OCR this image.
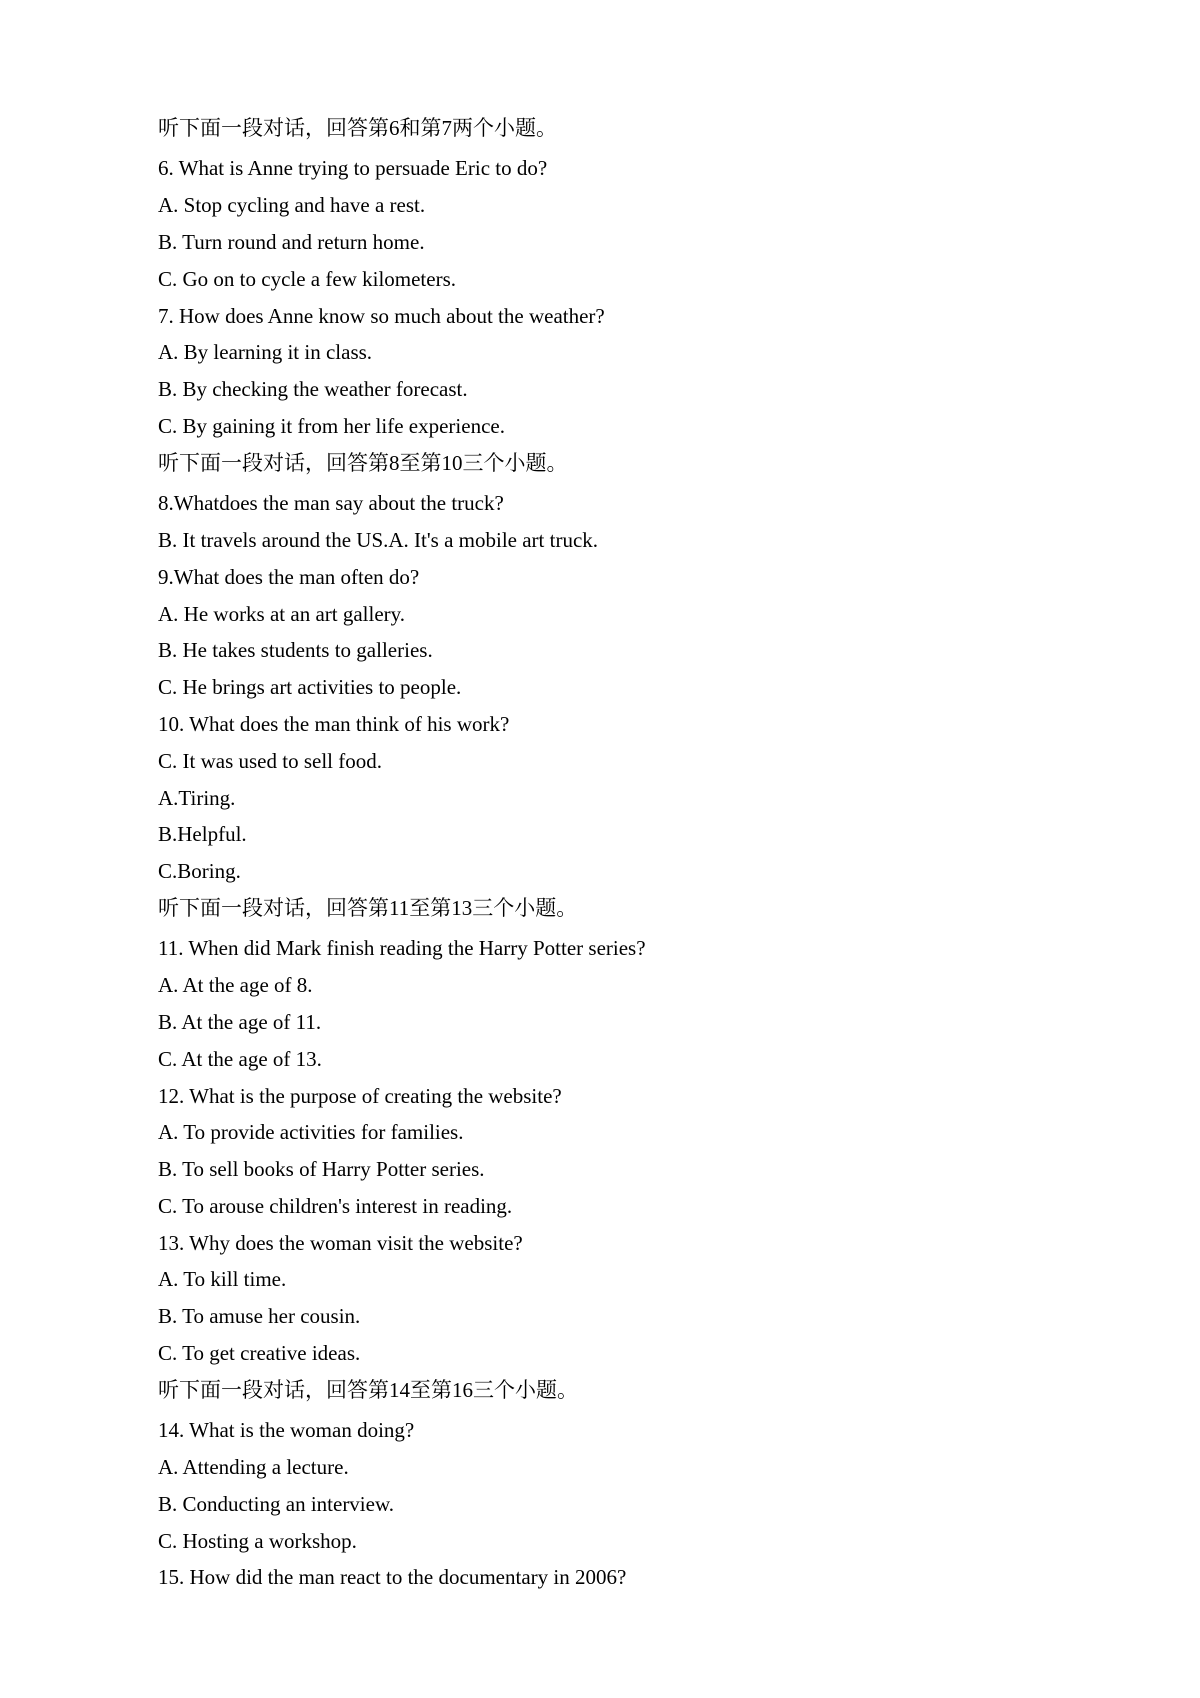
听下面一段对话，回答第6和第7两个小题。

6. What is Anne trying to persuade Eric to do?

A. Stop cycling and have a rest.

B. Turn round and return home.

C. Go on to cycle a few kilometers.

7. How does Anne know so much about the weather?

A. By learning it in class.

B. By checking the weather forecast.

C. By gaining it from her life experience.

听下面一段对话，回答第8至第10三个小题。

8.Whatdoes the man say about the truck?

B. It travels around the US.A. It's a mobile art truck.

9.What does the man often do?

A. He works at an art gallery.

B. He takes students to galleries.

C. He brings art activities to people.

10. What does the man think of his work?

C. It was used to sell food.

A.Tiring.

B.Helpful.

C.Boring.

听下面一段对话，回答第11至第13三个小题。

11. When did Mark finish reading the Harry Potter series?

A. At the age of 8.

B. At the age of 11.

C. At the age of 13.

12. What is the purpose of creating the website?

A. To provide activities for families.

B. To sell books of Harry Potter series.

C. To arouse children's interest in reading.

13. Why does the woman visit the website?

A. To kill time.

B. To amuse her cousin.

C. To get creative ideas.

听下面一段对话，回答第14至第16三个小题。

14. What is the woman doing?

A. Attending a lecture.

B. Conducting an interview.

C. Hosting a workshop.

15. How did the man react to the documentary in 2006?
